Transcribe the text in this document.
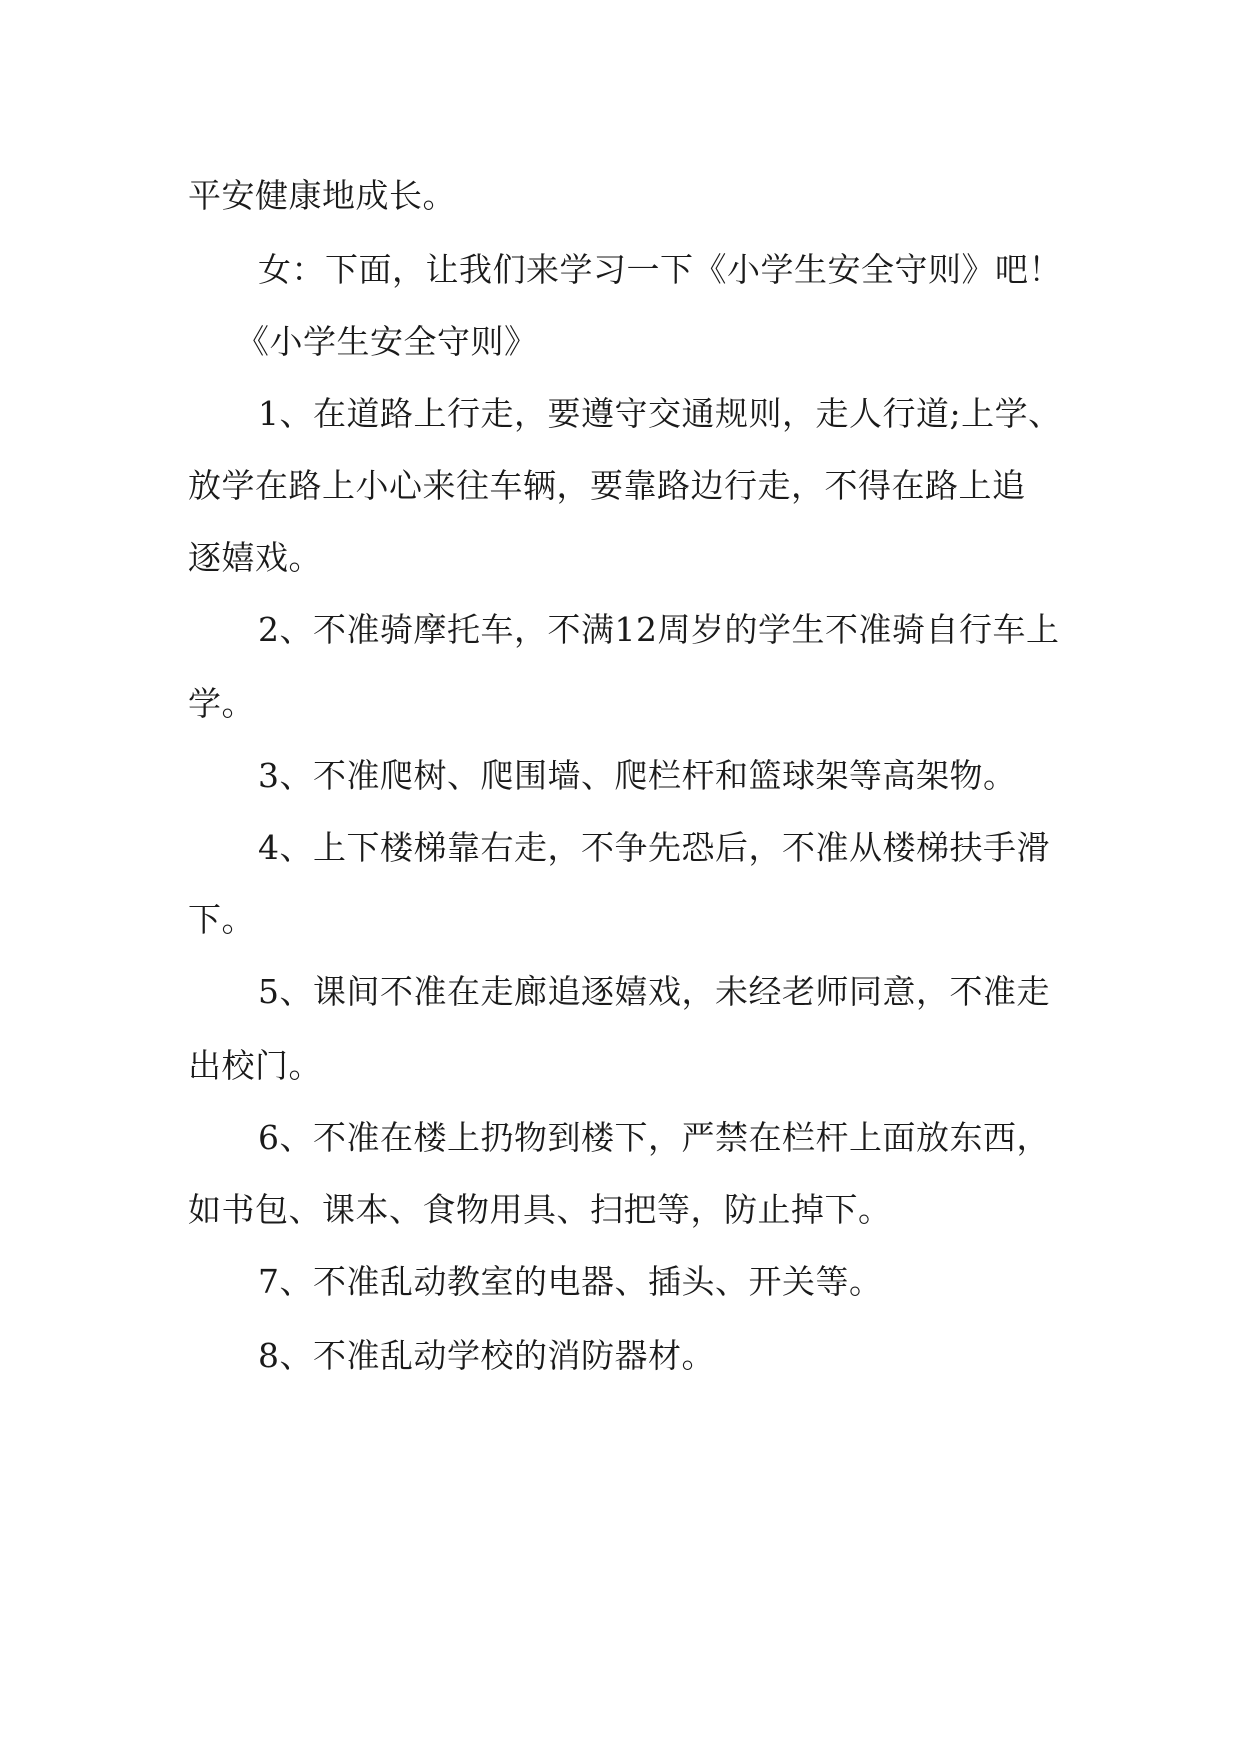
平安健康地成长。
女：下面，让我们来学习一下《小学生安全守则》吧！
《小学生安全守则》
1、在道路上行走，要遵守交通规则，走人行道;上学、
放学在路上小心来往车辆，要靠路边行走，不得在路上追
逐嬉戏。
2、不准骑摩托车，不满12周岁的学生不准骑自行车上
学。
3、不准爬树、爬围墙、爬栏杆和篮球架等高架物。
4、上下楼梯靠右走，不争先恐后，不准从楼梯扶手滑
下。
5、课间不准在走廊追逐嬉戏，未经老师同意，不准走
出校门。
6、不准在楼上扔物到楼下，严禁在栏杆上面放东西，
如书包、课本、食物用具、扫把等，防止掉下。
7、不准乱动教室的电器、插头、开关等。
8、不准乱动学校的消防器材。
